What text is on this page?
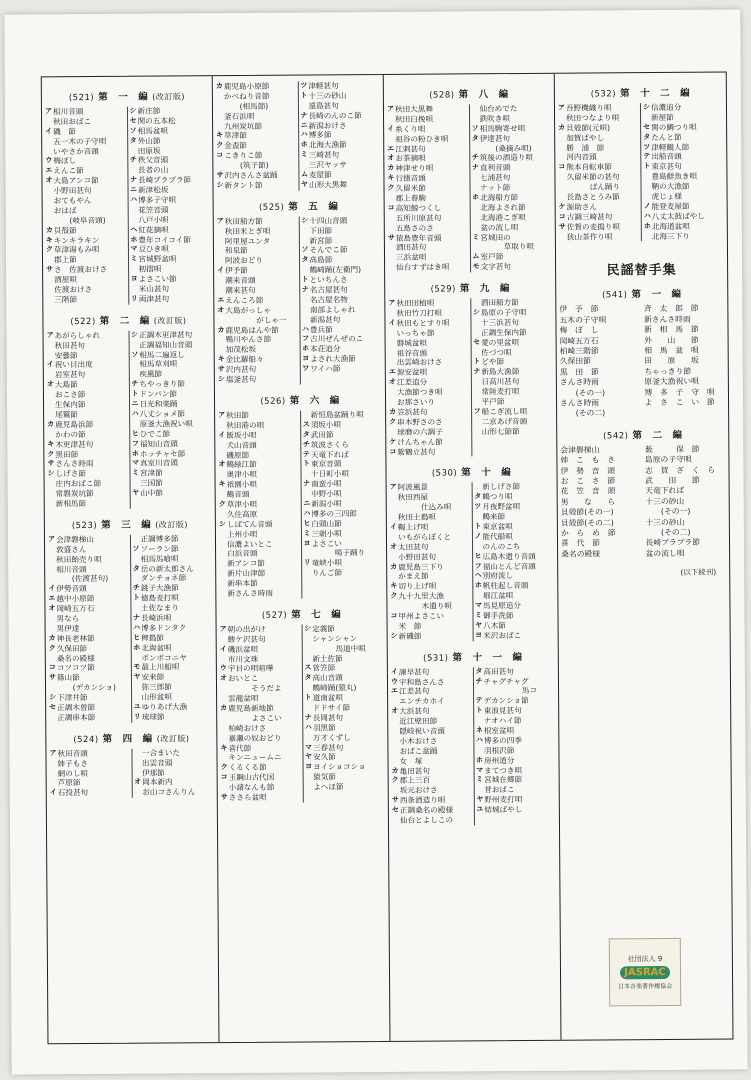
(521) 第　一　編 (改訂版)
ア 相川音頭
秋田おばこ
イ 磯　節
五一木の子守唄
いやさか音頭
ウ 梅ぼし
エ えんこ節
オ 大島アンコ節
小野田甚句
おてもやん
おはば
　(岐阜音頭)
カ 貝殻節
キ キンキラキン
ク 草津湯もみ唄
郡上節
サ さ　佐渡おけさ
酒屋唄
佐渡おけさ
三階節
シ 新庄節
セ 関の五本松
ソ 相馬盆唄
タ 外山節
田原坂
チ 秩父音頭
長者の山
ナ 長崎ブラブラ節
ニ 新津松坂
ハ 博多子守唄
花笠音頭
八戸小唄
ヘ 紅花摘唄
ホ 豊年コイコイ節
マ 豆ひき唄
ミ 宮城野盆唄
籾摺唄
ヨ よさこい節
米山甚句
リ 両津甚句
(522) 第　二　編 (改訂版)
ア あがらしゃれ
秋田甚句
安曇節
イ 祝い目出度
岩室甚句
オ 大島節
おこさ節
生保内節
尾鷲節
カ 鹿児島浜節
かわの節
キ 木更津甚句
ク 黒田節
サ さんさ時雨
シ しげさ節
庄内おばこ節
常磐炭坑節
新相馬節
シ 正調木更津甚句
正調福知山音頭
ソ 相馬二遍返し
相馬草刈唄
疾風節
チ ちやっきり節
ト ドンパン節
ニ 日光和楽踊
ハ 八丈ショメ節
原釜大漁祝い唄
ヒ ひでこ節
フ 福知山音頭
ホ ホッチャセ節
マ 真室川音頭
ミ 宮津節
三国節
ヤ 山中節
(523) 第　三　編 (改訂版)
ア 会津磐梯山
敦盛さん
秋田飴売り唄
相川音頭
　(佐渡甚句)
イ 伊勢音頭
エ 越中小原節
オ 岡崎五万石
男なら
男伊達
カ 神長老林節
ク 久保田節
桑名の殿様
コ コツコツ節
サ 篠山節
　(デカンショ)
シ 下津井節
セ 正調木曽節
正調串本節
正調博多節
ソ ソーラン節
相馬馬喰唄
タ 岳の新太郎さん
ダンチョネ節
チ 銚子大漁節
ト 徳島麦打唄
土佐なまり
ナ 長崎浜唄
ハ 博多ドンタク
ヒ 稗搗節
ホ 北海盆唄
ポンポコニヤ
モ 最上川船唄
ヤ 安来節
弥三郎節
山形盆唄
ユ ゆりあげ大漁
リ 琉球節
(524) 第　四　編 (改訂版)
ア 秋田音頭
姉子もさ
網のし唄
芦原節
イ 石投甚句
一合まいた
出雲音頭
伊那節
オ 岡本新内
お山コさんりん
カ 鹿児島小原節
かべねり音節
　(相馬節)
釜石浜唄
九州炭坑節
キ 草津節
ク 金盃節
コ こきりこ節
　(筑子節)
サ 沢内さんさ盆踊
シ 新タント節
ツ 津軽甚句
ト 十三の砂山
遠島甚句
ナ 長崎のんのこ節
ニ 新潟おけさ
ハ 博多節
ホ 北海大漁節
ミ 三崎甚句
三沢ヤッサ
ム 麦屋節
ヤ 山形大黒舞
(525) 第　五　編
ア 秋田船方節
秋田米とぎ唄
阿里屋ユンタ
和泉節
阿波おどり
イ 伊予節
潮来音頭
潮来甚句
エ えんころ節
オ 大島がっしゃ
　　　がしゃ一
カ 鹿児島はんや節
鴨川やんさ節
加茂松坂
キ 金比羅船々
サ 沢内甚句
シ 塩釜甚句
シ 十四山音頭
下田節
新宮節
ソ そんでこ節
タ 高島節
鶴崎踊(左衛門)
ト といちんさ
ナ 名古屋甚句
名古屋名物
南部よしゃれ
新潟甚句
ハ 豊兵節
フ 古川ぜんぜのこ
ホ 本荘追分
ヨ よされ大漁節
ワ ワイハ節
(526) 第　六　編
ア 秋田節
秋田港の唄
イ 飯坂小唄
犬山音頭
磯原節
オ 鶴緑江節
奥津小唄
キ 祇園小唄
鶴音頭
ク 草津小唄
久住高原
シ しばてん音頭
上州小唄
信濃よいとこ
白浜音頭
新アンコ節
新片山津節
新串本節
新さんさ時雨
新恒島盆踊り唄
ス 須坂小唄
タ 武田節
チ 筑波さくら
テ 天竜下れば
ト 東京音頭
十日町小唄
ナ 南蛮小唄
中野小唄
ニ 新潟小唄
ハ 博多の三四郎
ヒ 白頭山節
ミ 三朝小唄
ヨ よさこい
　　鳴子踊り
リ 竜峡小唄
りんご節
(527) 第　七　編
ア 朝の出がけ
鯵ケ沢甚句
イ 磯浜盆唄
市川文珠
ウ 宇目の唄喧嘩
オ おいとこ
　　そうだよ
雲龍盆唄
カ 鹿児島新地節
　　よさこい
柏崎おけさ
嘉瀬の奴おどり
キ 喜代節
キンニュームニ
ク くるくる節
コ 玉鋼山古代国
小諸なんも節
サ ささら盆唄
シ 定義節
シャンシャン
　　馬道中唄
新土佐節
ス 菅笠節
タ 高山音頭
鶴崎踊(猿丸)
ト 道南盆唄
ドドサイ節
ナ 長岡甚句
ハ 羽黒節
万才くずし
マ 三春甚句
ヤ 安久節
ヨ ヨイショコショ
猿気節
よへほ節
(528) 第　八　編
ア 秋田大黒舞
秋田臼挽唄
イ 糸くり唄
祖谷の粉ひき唄
エ 江刺甚句
オ お茶摘唄
カ 神津せり唄
キ 行徳音頭
ク 久留米節
郡上春駒
コ 高知鯨つくし
五所川原甚句
五島さのさ
サ 猿島豊年音頭
酒田甚句
三浜盆唄
仙台すずはき唄
仙台めでた
鉄吹き唄
ソ 相馬駒寄せ唄
タ 伊達甚句
　(桑摘み唄)
チ 筑後の酒造り唄
ナ 直利音頭
七浦甚句
ナット節
ホ 北海船方節
北海よされ節
北海港こぎ唄
盆の流し唄
ミ 宮城田の
　　草取り唄
ム 室戸節
モ 文字甚句
(529) 第　九　編
ア 秋田田植唄
秋田竹刀打唄
イ 秋田もとすり唄
いっちゃ節
磐城盆唄
祖谷音頭
出雲崎おけさ
エ 源安盆唄
オ 江差追分
大漁節つき唄
お那さいり
カ 笠浜甚句
ク 串木野さのさ
球磨の六調子
ケ けんちゃん節
コ 紫鶴立甚句
酒田船方節
シ 島原の子守唄
十三浜甚句
正調生保内節
セ 愛の里盆唄
佐づつ唄
ト どや節
ナ 新島大漁節
日高川甚句
常陸麦打唄
平戸節
フ 船こぎ流し唄
二京あげ音頭
山形七節節
(530) 第　十　編
ア 阿波風景
秋田西屋
　　仕込み唄
秋田土搗唄
イ 鞨上げ唄
いもがらぼくと
オ 太田甚句
小野田甚句
カ 鹿児島三下り
かまえ節
キ 切り上げ唄
ク 九十九里大漁
　　木遣り唄
コ 甲州よさこい
米　節
シ 新磯節
新しげさ節
タ 鶴つり唄
ツ 月夜野盆唄
鶴来節
ト 東京盆唄
ノ 能代船唄
のんのこち
ヒ 広島木遣り音頭
フ 福山とんど音頭
ヘ 別府流し
ホ 帆柱起し音頭
堀江盆唄
マ 馬見原追分
ミ 御手洗節
ヤ 八木節
ヨ 米沢おばこ
(531) 第　十　一　編
イ 諫早甚句
ウ 宇和島さんさ
エ 江差甚句
エンチカホイ
オ 大浜甚句
近江壁田節
隠岐祝い音頭
小木おけさ
おばこ盆踊
女　塚
カ 亀田甚句
ク 郡上三百
坂元おけさ
サ 西条酒造り唄
セ 正調桑名の殿様
仙台とよしこの
タ 高田甚句
チ チャグチャグ
　　　　馬コ
テ デカンショ節
ト 東浪見甚句
ナオハイ節
ネ 根室盆唄
ハ 博多の四季
羽根沢節
ホ 房州道分
マ まてつき唄
ミ 宮城在郷節
昔おばこ
ヤ 野州麦打唄
ユ 結城ばやし
(532) 第　十　二　編
ア 吾野機織り唄
秋田つなより唄
カ 貝殻節(元唄)
加賀ばやし
勝　浦　節
河内音頭
コ 熊本自転車節
久留米節の甚句
　　ぱん踊り
長島さとうみ節
ケ 源助さん
コ 古調三崎甚句
サ 佐賀の麦搗り唄
狭山茶作り唄
シ 信濃追分
新屋節
セ 関の鯛つり唄
タ たんと節
ツ 津軽観人節
テ 出船音頭
ト 東京甚句
豊島鮮魚き唄
鞆の大漁節
虎じょ様
ノ 能登麦屋節
ハ 八丈太鼓ばやし
ホ 北海道盆唄
北海三下り
民謡替手集
(541) 第　一　編
伊　予　節
五木の子守唄
梅　ぼ　し
岡崎五万石
柏崎三階節
久保田節
黒　田　節
さんさ時雨
　　(その一)
さんさ時雨
　　(その二)
斉　太　郎　節
新さんさ時雨
新　相　馬　節
外　　山　　節
相　馬　盆　唄
田　　原　　坂
ちゃっきり節
原釜大漁祝い唄
博　多　子　守　唄
よ　さ　こ　い　節
(542) 第　二　編
会津磐梯山
姉　こ　も　さ
伊　勢　音　頭
お　こ　さ　節
花　笠　音　頭
男　　な　　ら
貝殻節(その一)
貝殻節(その二)
か　ら　め　節
喜　代　節
桑名の殿様
薮　　　保　節
島原の子守唄
志　賀　ざ　く　ら
武　　田　　節
天竜下れば
十三の砂山
　　(その一)
十三の砂山
　　(その二)
長崎ブラブラ節
盆の流し唄
(以下続刊)
社団法人 9
JASRAC
日本音楽著作権協会
